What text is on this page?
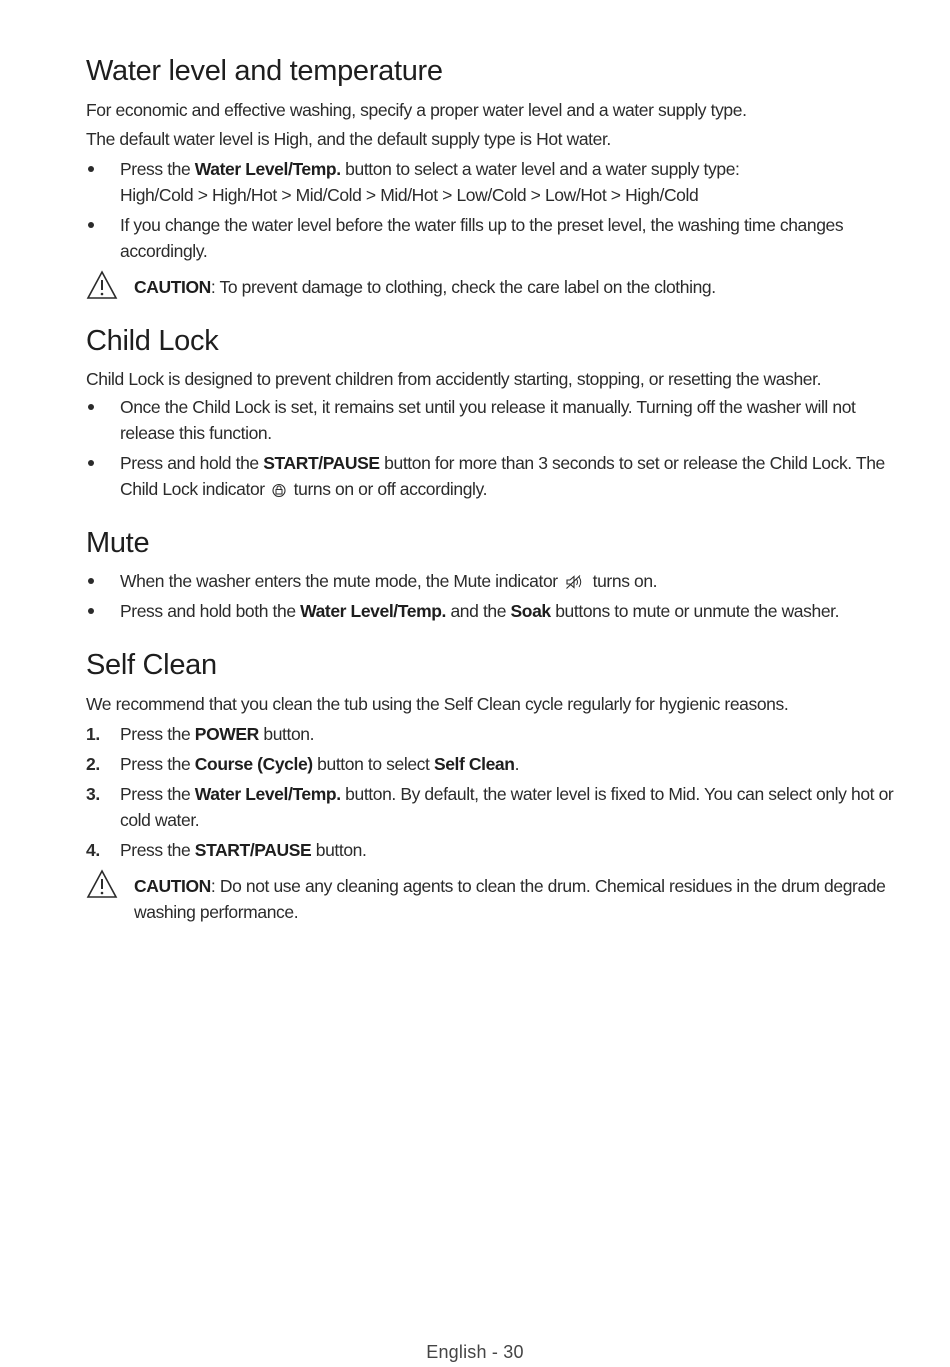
Water level and temperature

For economic and effective washing, specify a proper water level and a water supply type.

The default water level is High, and the default supply type is Hot water.

Press the Water Level/Temp. button to select a water level and a water supply type:
High/Cold > High/Hot > Mid/Cold > Mid/Hot > Low/Cold > Low/Hot > High/Cold
If you change the water level before the water fills up to the preset level, the washing time changes accordingly.
CAUTION: To prevent damage to clothing, check the care label on the clothing.
Child Lock

Child Lock is designed to prevent children from accidently starting, stopping, or resetting the washer.

Once the Child Lock is set, it remains set until you release it manually. Turning off the washer will not release this function.
Press and hold the START/PAUSE button for more than 3 seconds to set or release the Child Lock. The Child Lock indicator turns on or off accordingly.
Mute
When the washer enters the mute mode, the Mute indicator turns on.
Press and hold both the Water Level/Temp. and the Soak buttons to mute or unmute the washer.
Self Clean

We recommend that you clean the tub using the Self Clean cycle regularly for hygienic reasons.

1.	Press the POWER button.
2.	Press the Course (Cycle) button to select Self Clean.
3.	Press the Water Level/Temp. button. By default, the water level is fixed to Mid. You can select only hot or cold water.
4.	Press the START/PAUSE button.
CAUTION: Do not use any cleaning agents to clean the drum. Chemical residues in the drum degrade washing performance.
English - 30
